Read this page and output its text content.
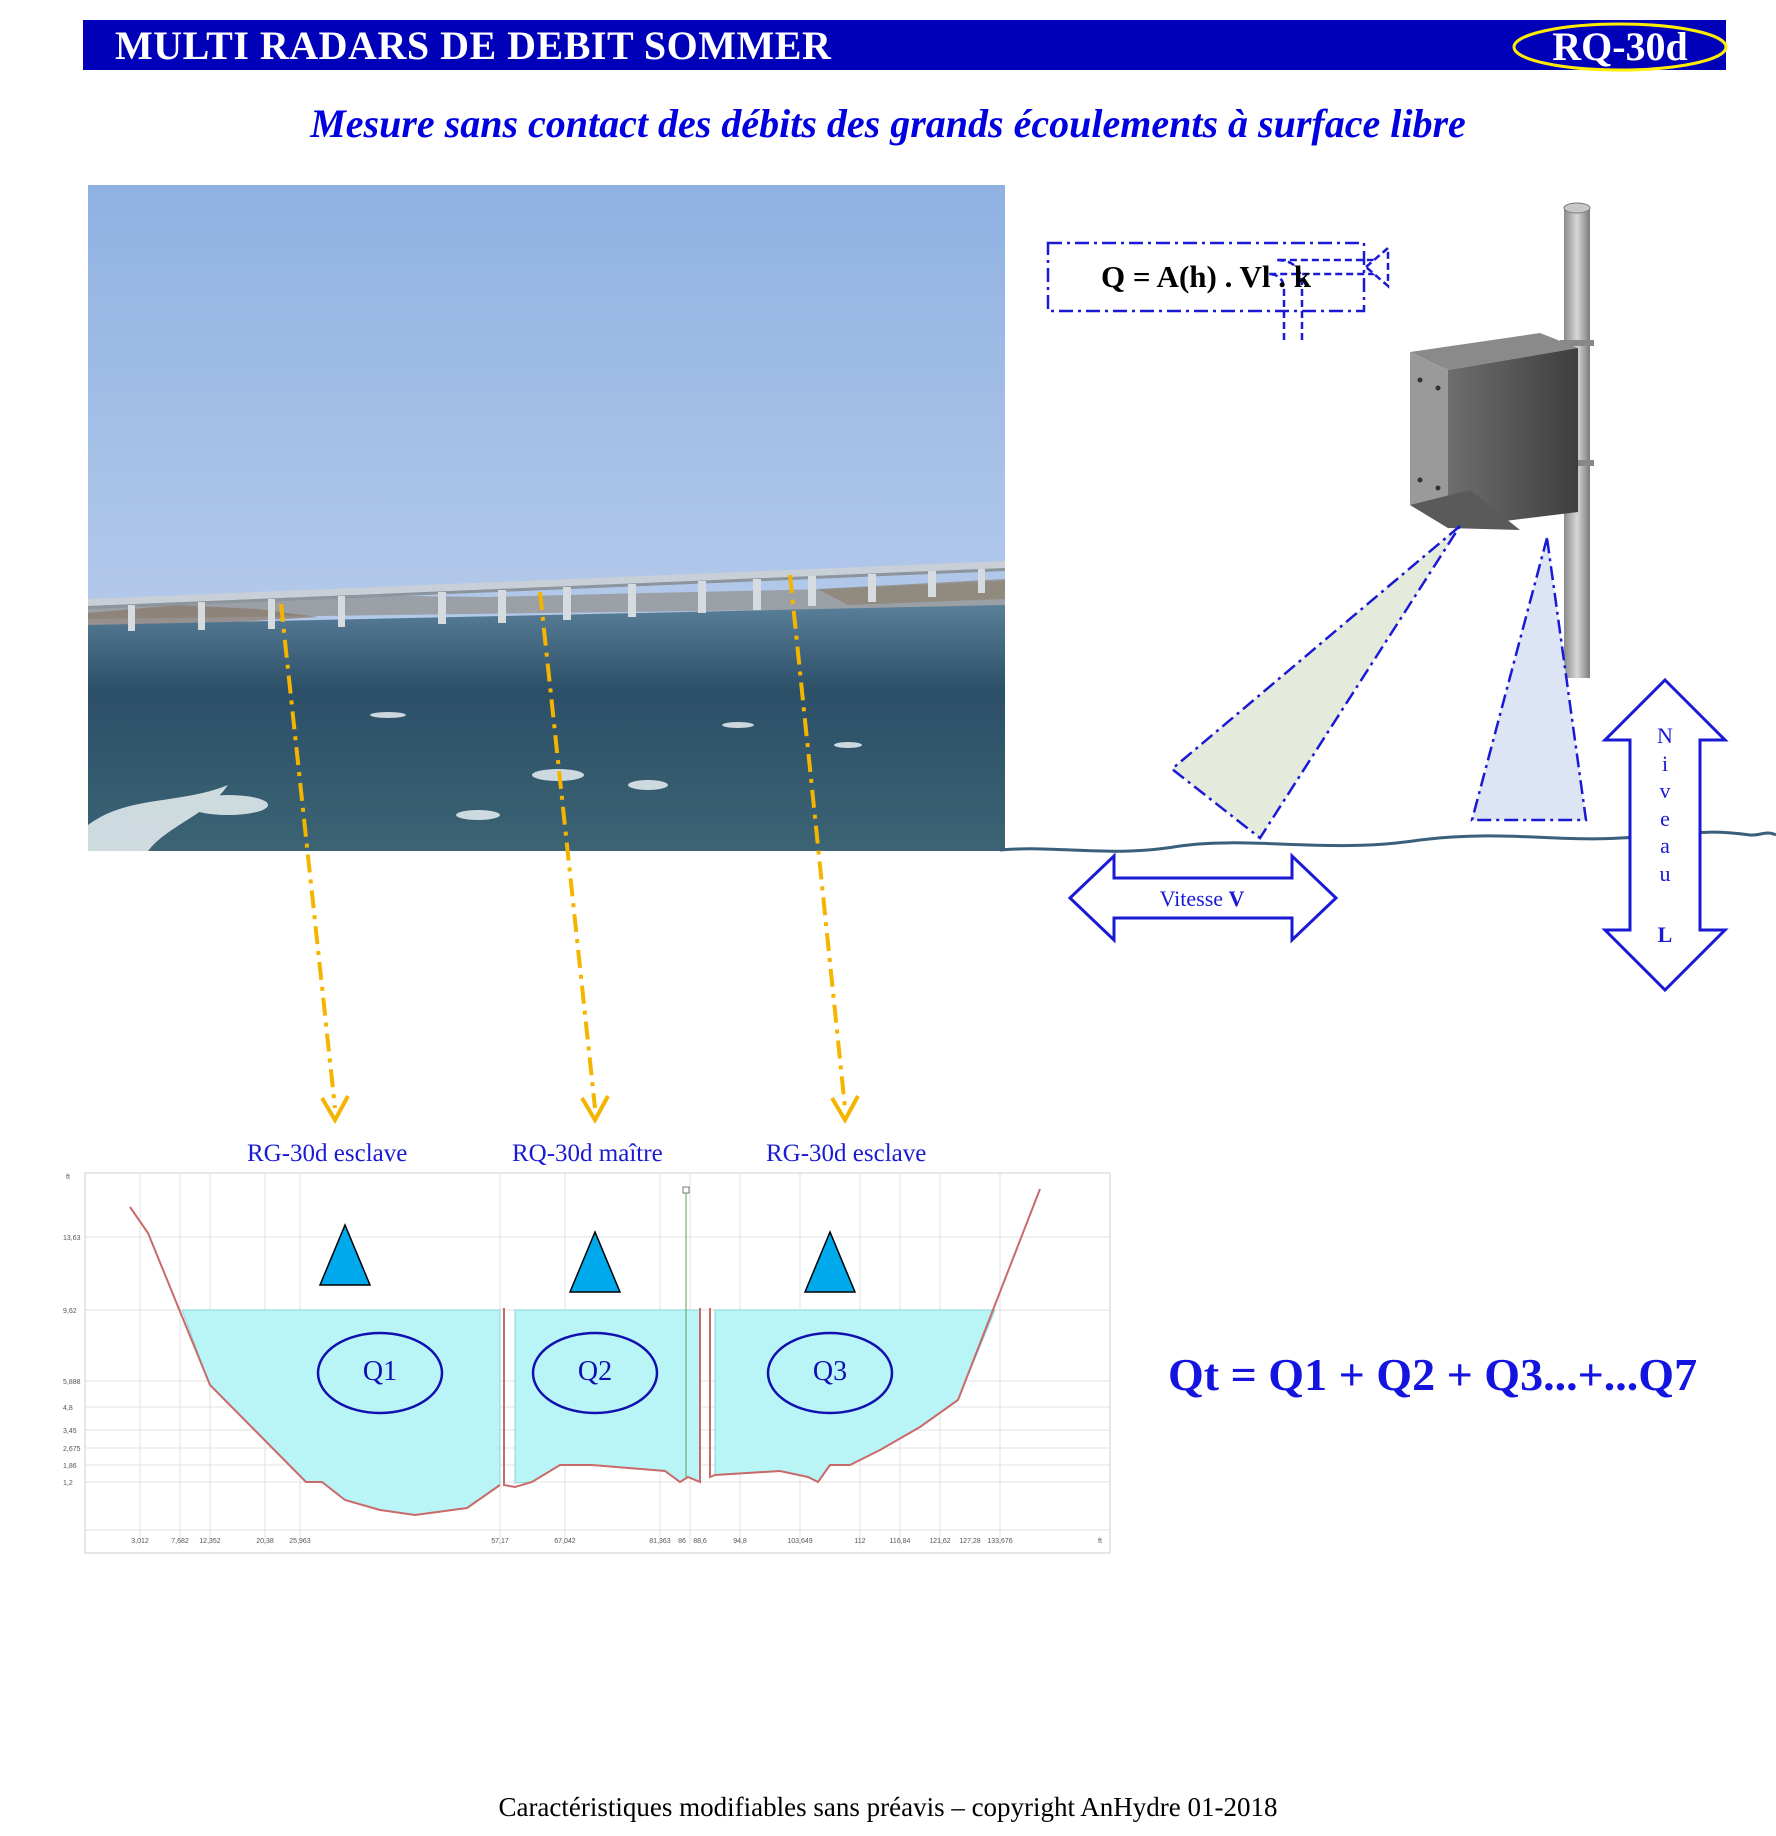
MULTI RADARS DE DEBIT SOMMER	RQ-30d
Mesure sans contact des débits des grands écoulements à surface libre
Q = A(h) . Vl . k
Vitesse V
N
i
v
e
a
u
L
RG-30d esclave	RQ-30d maître	RG-30d esclave
ft
13,63
9,62
5,888
4,8
3,45
2,675
1,86
1,2
3,012	7,682 12,352	20,38 25,963	57,17	67,042	81,363 86 88,6	94,8	103,649	112	116,84	121,62 127,28 133,676	ft
Q1	Q2	Q3	Qt = Q1 + Q2 + Q3...+...Q7
Caractéristiques modifiables sans préavis – copyright AnHydre 01-2018
